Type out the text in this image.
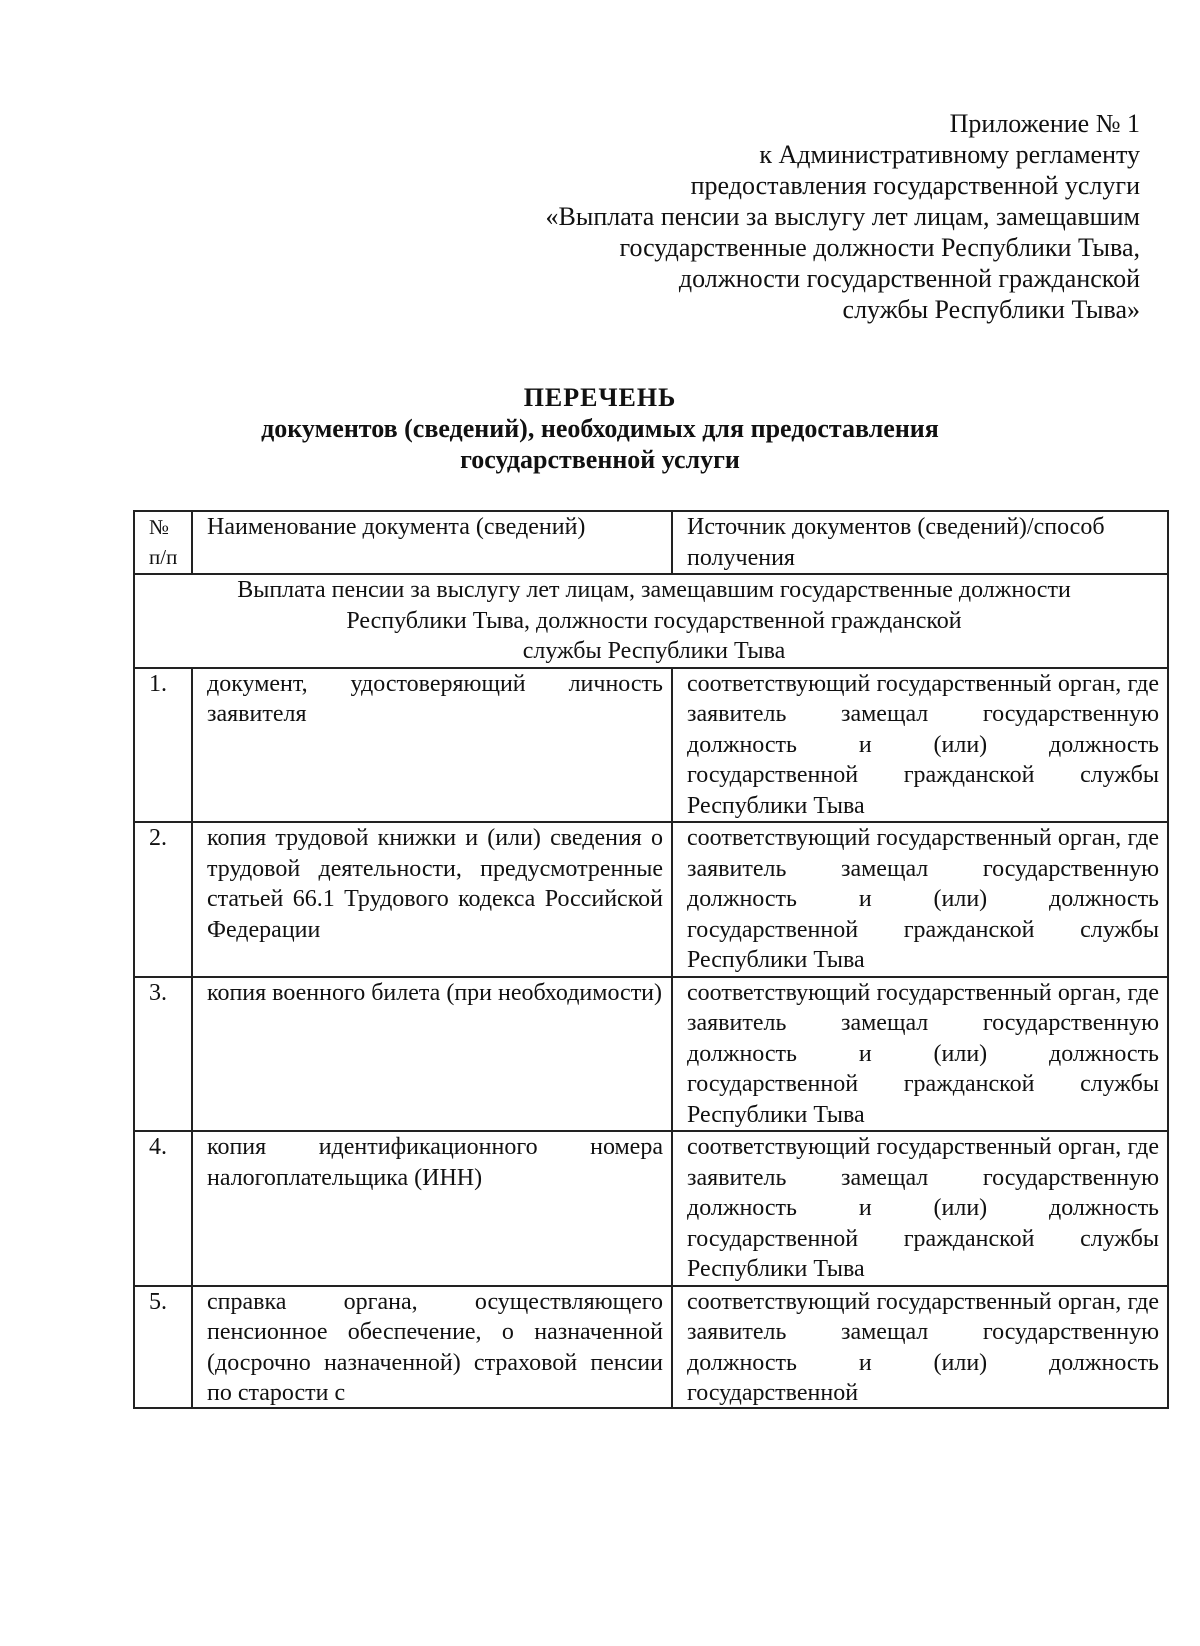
Приложение № 1
к Административному регламенту
предоставления государственной услуги
«Выплата пенсии за выслугу лет лицам, замещавшим
государственные должности Республики Тыва,
должности государственной гражданской
службы Республики Тыва»
ПЕРЕЧЕНЬ
документов (сведений), необходимых для предоставления
государственной услуги
№
п/п	Наименование документа (сведений)	Источник документов (сведений)/способ получения

Выплата пенсии за выслугу лет лицам, замещавшим государственные должности
Республики Тыва, должности государственной гражданской
службы Республики Тыва		

1.	документ, удостоверяющий личность заявителя	соответствующий государственный орган, где заявитель замещал государственную должность и (или) должность государственной гражданской службы Республики Тыва
2.	копия трудовой книжки и (или) сведения о трудовой деятельности, предусмотренные статьей 66.1 Трудового кодекса Российской Федерации	соответствующий государственный орган, где заявитель замещал государственную должность и (или) должность государственной гражданской службы Республики Тыва
3.	копия военного билета (при необходимости)	соответствующий государственный орган, где заявитель замещал государственную должность и (или) должность государственной гражданской службы Республики Тыва
4.	копия идентификационного номера налогоплательщика (ИНН)	соответствующий государственный орган, где заявитель замещал государственную должность и (или) должность государственной гражданской службы Республики Тыва
5.	справка органа, осуществляющего пенсионное обеспечение, о назначенной (досрочно назначенной) страховой пенсии по старости с	соответствующий государственный орган, где заявитель замещал государственную должность и (или) должность государственной
